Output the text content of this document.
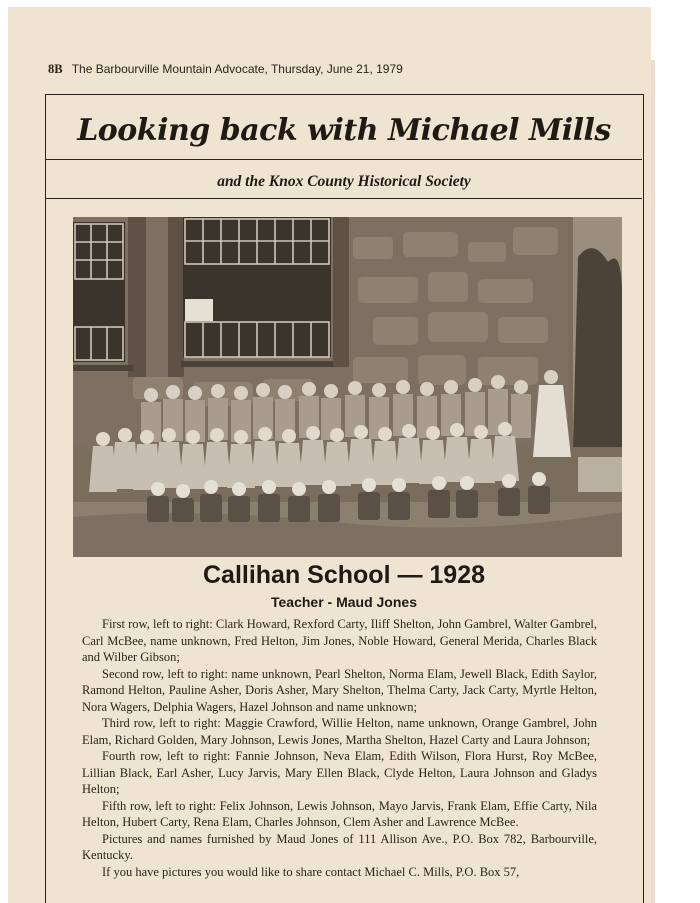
8B The Barbourville Mountain Advocate, Thursday, June 21, 1979
Looking back with Michael Mills
and the Knox County Historical Society
Callihan School — 1928
Teacher - Maud Jones

First row, left to right: Clark Howard, Rexford Carty, Iliff Shelton, John Gambrel, Walter Gambrel, Carl McBee, name unknown, Fred Helton, Jim Jones, Noble Howard, General Merida, Charles Black and Wilber Gibson;

Second row, left to right: name unknown, Pearl Shelton, Norma Elam, Jewell Black, Edith Saylor, Ramond Helton, Pauline Asher, Doris Asher, Mary Shelton, Thelma Carty, Jack Carty, Myrtle Helton, Nora Wagers, Delphia Wagers, Hazel Johnson and name unknown;

Third row, left to right: Maggie Crawford, Willie Helton, name unknown, Orange Gambrel, John Elam, Richard Golden, Mary Johnson, Lewis Jones, Martha Shelton, Hazel Carty and Laura Johnson;

Fourth row, left to right: Fannie Johnson, Neva Elam, Edith Wilson, Flora Hurst, Roy McBee, Lillian Black, Earl Asher, Lucy Jarvis, Mary Ellen Black, Clyde Helton, Laura Johnson and Gladys Helton;

Fifth row, left to right: Felix Johnson, Lewis Johnson, Mayo Jarvis, Frank Elam, Effie Carty, Nila Helton, Hubert Carty, Rena Elam, Charles Johnson, Clem Asher and Lawrence McBee.

Pictures and names furnished by Maud Jones of 111 Allison Ave., P.O. Box 782, Barbourville, Kentucky.

If you have pictures you would like to share contact Michael C. Mills, P.O. Box 57,
